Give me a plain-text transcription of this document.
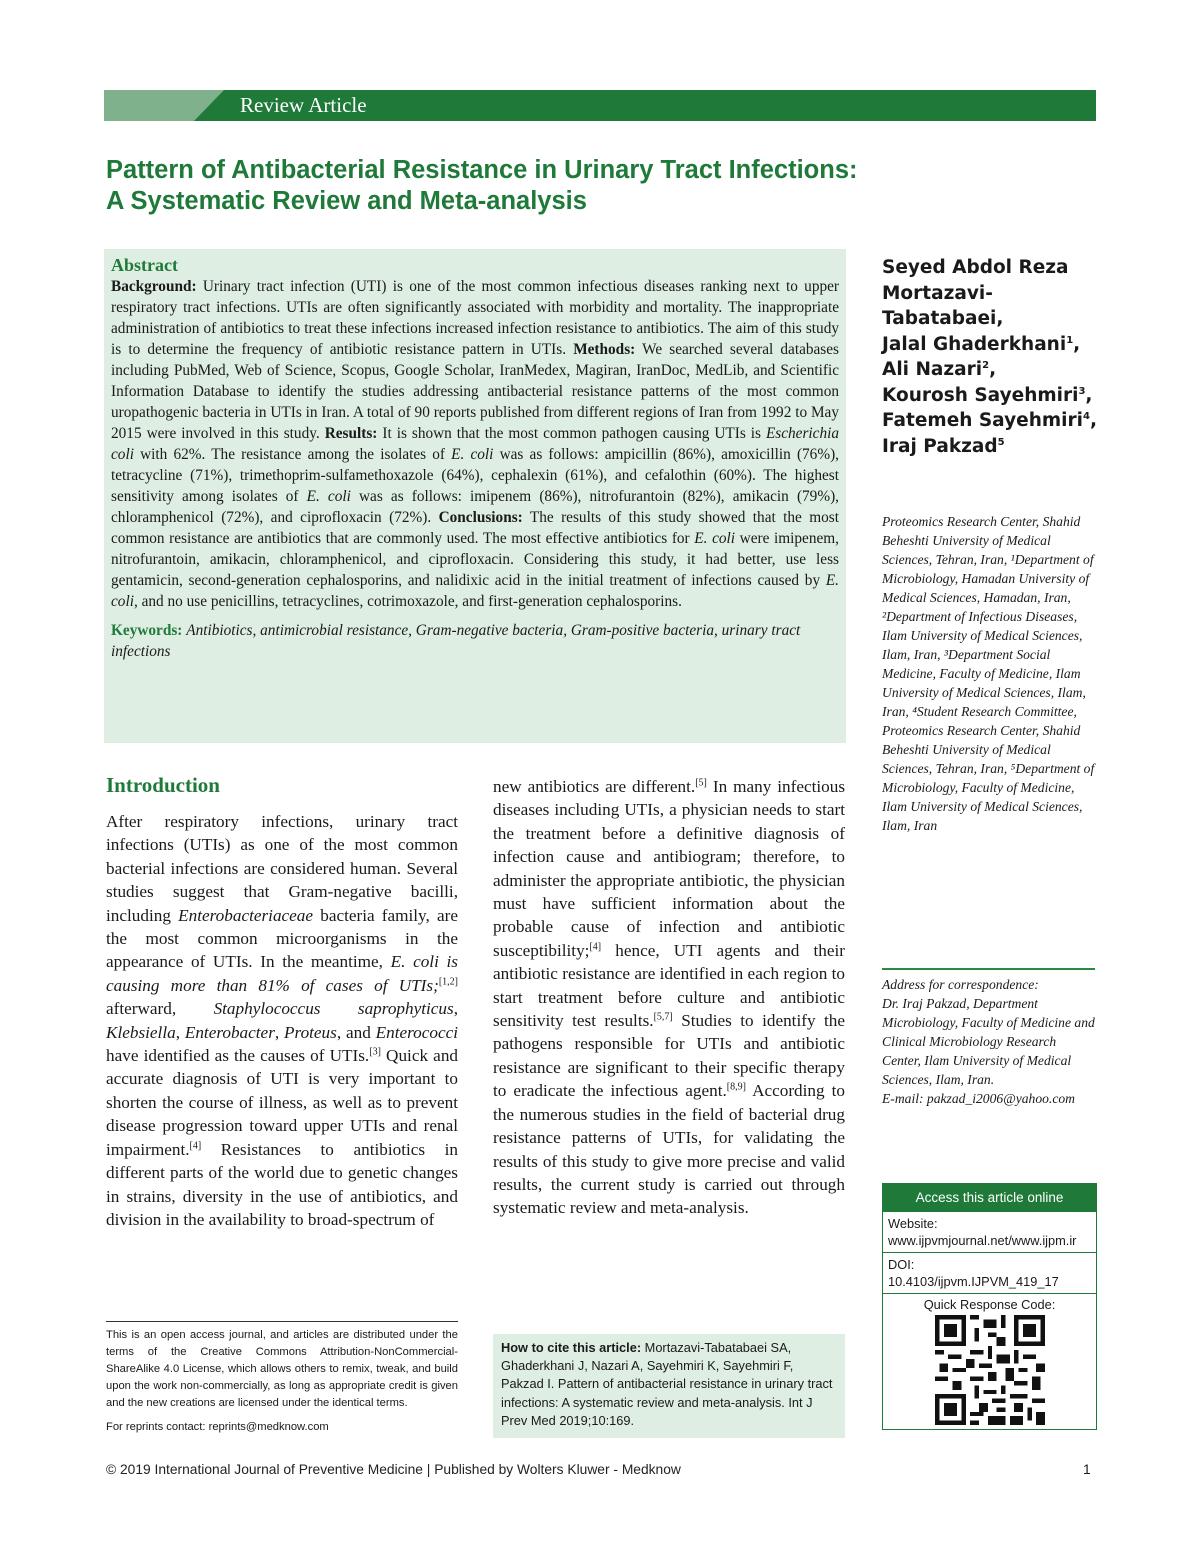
Review Article
Pattern of Antibacterial Resistance in Urinary Tract Infections:
A Systematic Review and Meta-analysis
Abstract

Background: Urinary tract infection (UTI) is one of the most common infectious diseases ranking next to upper respiratory tract infections. UTIs are often significantly associated with morbidity and mortality. The inappropriate administration of antibiotics to treat these infections increased infection resistance to antibiotics. The aim of this study is to determine the frequency of antibiotic resistance pattern in UTIs. Methods: We searched several databases including PubMed, Web of Science, Scopus, Google Scholar, IranMedex, Magiran, IranDoc, MedLib, and Scientific Information Database to identify the studies addressing antibacterial resistance patterns of the most common uropathogenic bacteria in UTIs in Iran. A total of 90 reports published from different regions of Iran from 1992 to May 2015 were involved in this study. Results: It is shown that the most common pathogen causing UTIs is Escherichia coli with 62%. The resistance among the isolates of E. coli was as follows: ampicillin (86%), amoxicillin (76%), tetracycline (71%), trimethoprim-sulfamethoxazole (64%), cephalexin (61%), and cefalothin (60%). The highest sensitivity among isolates of E. coli was as follows: imipenem (86%), nitrofurantoin (82%), amikacin (79%), chloramphenicol (72%), and ciprofloxacin (72%). Conclusions: The results of this study showed that the most common resistance are antibiotics that are commonly used. The most effective antibiotics for E. coli were imipenem, nitrofurantoin, amikacin, chloramphenicol, and ciprofloxacin. Considering this study, it had better, use less gentamicin, second-generation cephalosporins, and nalidixic acid in the initial treatment of infections caused by E. coli, and no use penicillins, tetracyclines, cotrimoxazole, and first-generation cephalosporins.

Keywords: Antibiotics, antimicrobial resistance, Gram-negative bacteria, Gram-positive bacteria, urinary tract infections
Seyed Abdol Reza Mortazavi-Tabatabaei,
Jalal Ghaderkhani$^1$,
Ali Nazari$^2$,
Kourosh Sayehmiri$^3$,
Fatemeh Sayehmiri$^4$,
Iraj Pakzad$^5$
Proteomics Research Center, Shahid Beheshti University of Medical Sciences, Tehran, Iran, ¹Department of Microbiology, Hamadan University of Medical Sciences, Hamadan, Iran, ²Department of Infectious Diseases, Ilam University of Medical Sciences, Ilam, Iran, ³Department Social Medicine, Faculty of Medicine, Ilam University of Medical Sciences, Ilam, Iran, ⁴Student Research Committee, Proteomics Research Center, Shahid Beheshti University of Medical Sciences, Tehran, Iran, ⁵Department of Microbiology, Faculty of Medicine, Ilam University of Medical Sciences, Ilam, Iran
Address for correspondence:
Dr. Iraj Pakzad, Department Microbiology, Faculty of Medicine and Clinical Microbiology Research Center, Ilam University of Medical Sciences, Ilam, Iran.
E-mail: pakzad_i2006@yahoo.com
Access this article online
Website:
www.ijpvmjournal.net/www.ijpm.ir
DOI:
10.4103/ijpvm.IJPVM_419_17
Quick Response Code:
Introduction
After respiratory infections, urinary tract infections (UTIs) as one of the most common bacterial infections are considered human. Several studies suggest that Gram-negative bacilli, including Enterobacteriaceae bacteria family, are the most common microorganisms in the appearance of UTIs. In the meantime, E. coli is causing more than 81% of cases of UTIs;[1,2] afterward, Staphylococcus saprophyticus, Klebsiella, Enterobacter, Proteus, and Enterococci have identified as the causes of UTIs.[3] Quick and accurate diagnosis of UTI is very important to shorten the course of illness, as well as to prevent disease progression toward upper UTIs and renal impairment.[4] Resistances to antibiotics in different parts of the world due to genetic changes in strains, diversity in the use of antibiotics, and division in the availability to broad-spectrum of
new antibiotics are different.[5] In many infectious diseases including UTIs, a physician needs to start the treatment before a definitive diagnosis of infection cause and antibiogram; therefore, to administer the appropriate antibiotic, the physician must have sufficient information about the probable cause of infection and antibiotic susceptibility;[4] hence, UTI agents and their antibiotic resistance are identified in each region to start treatment before culture and antibiotic sensitivity test results.[5,7] Studies to identify the pathogens responsible for UTIs and antibiotic resistance are significant to their specific therapy to eradicate the infectious agent.[8,9] According to the numerous studies in the field of bacterial drug resistance patterns of UTIs, for validating the results of this study to give more precise and valid results, the current study is carried out through systematic review and meta-analysis.
This is an open access journal, and articles are distributed under the terms of the Creative Commons Attribution-NonCommercial-ShareAlike 4.0 License, which allows others to remix, tweak, and build upon the work non-commercially, as long as appropriate credit is given and the new creations are licensed under the identical terms.
For reprints contact: reprints@medknow.com
How to cite this article: Mortazavi-Tabatabaei SA, Ghaderkhani J, Nazari A, Sayehmiri K, Sayehmiri F, Pakzad I. Pattern of antibacterial resistance in urinary tract infections: A systematic review and meta-analysis. Int J Prev Med 2019;10:169.
© 2019 International Journal of Preventive Medicine | Published by Wolters Kluwer - Medknow	1
